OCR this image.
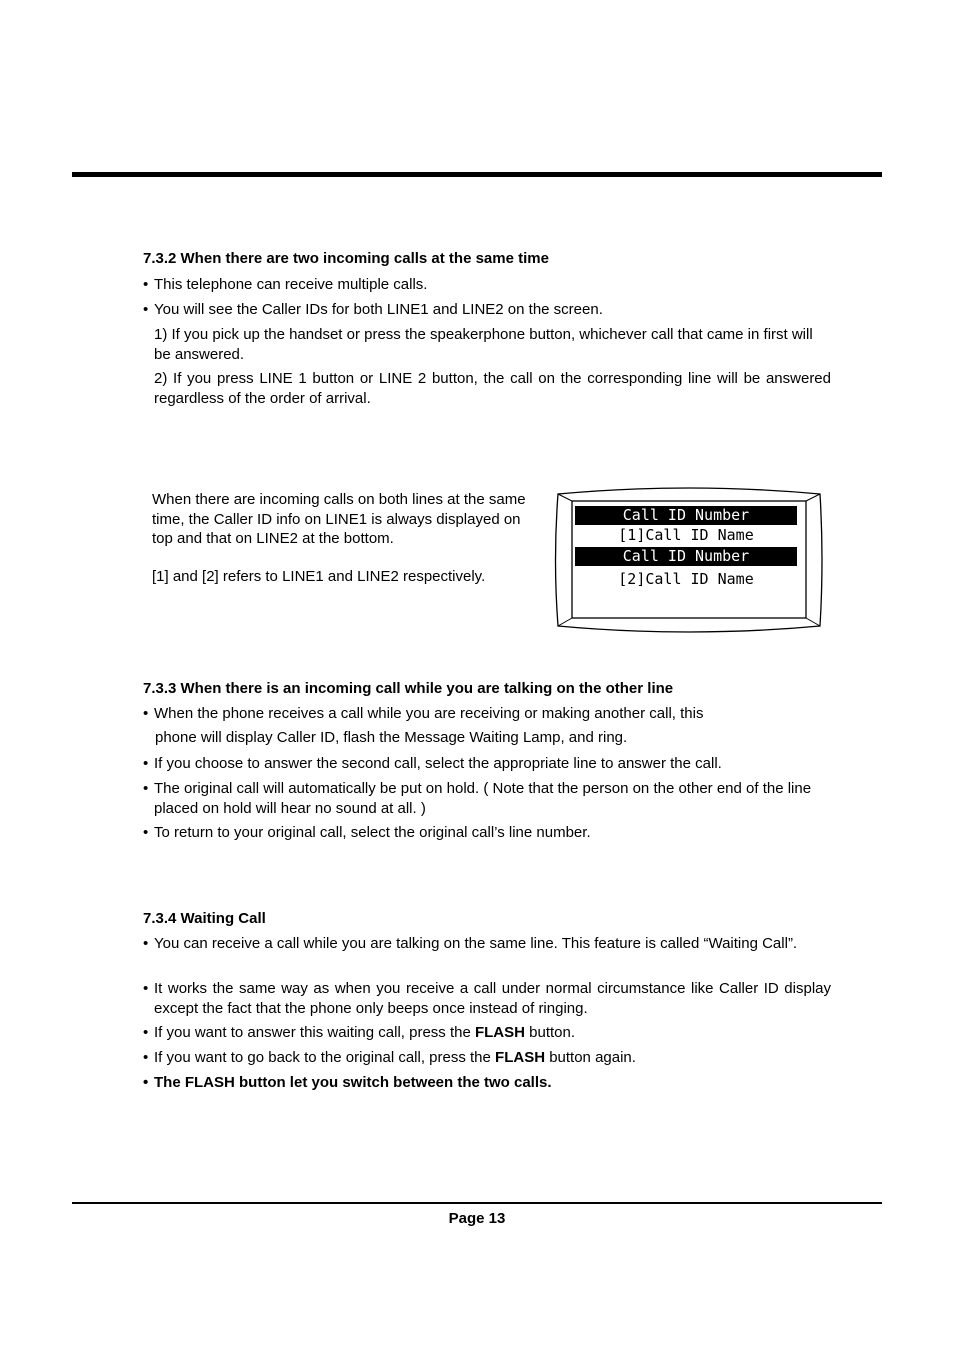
7.3.2 When there are two incoming calls at the same time
• This telephone can receive multiple calls.
• You will see the Caller IDs for both LINE1 and LINE2 on the screen.
1) If you pick up the handset or press the speakerphone button, whichever call that came in first will be answered.
2) If you press LINE 1 button or LINE 2 button, the call on the corresponding line will be answered regardless of the order of arrival.
When there are incoming calls on both lines at the same time, the Caller ID info on LINE1 is always displayed on top and that on LINE2 at the bottom.
[1] and [2] refers to LINE1 and LINE2 respectively.
Call ID Number
[1]Call ID Name
Call ID Number
[2]Call ID Name
7.3.3 When there is an incoming call while you are talking on the other line
• When the phone receives a call while you are receiving or making another call, this
phone will display Caller ID, flash the Message Waiting Lamp, and ring.
• If you choose to answer the second call, select the appropriate line to answer the call.
• The original call will automatically be put on hold. ( Note that the person on the other end of the line placed on hold will hear no sound at all. )
• To return to your original call, select the original call’s line number.
7.3.4 Waiting Call
• You can receive a call while you are talking on the same line. This feature is called “Waiting Call”.
• It works the same way as when you receive a call under normal circumstance like Caller ID display except the fact that the phone only beeps once instead of ringing.
• If you want to answer this waiting call, press the FLASH button.
• If you want to go back to the original call, press the FLASH button again.
• The FLASH button let you switch between the two calls.
Page 13
